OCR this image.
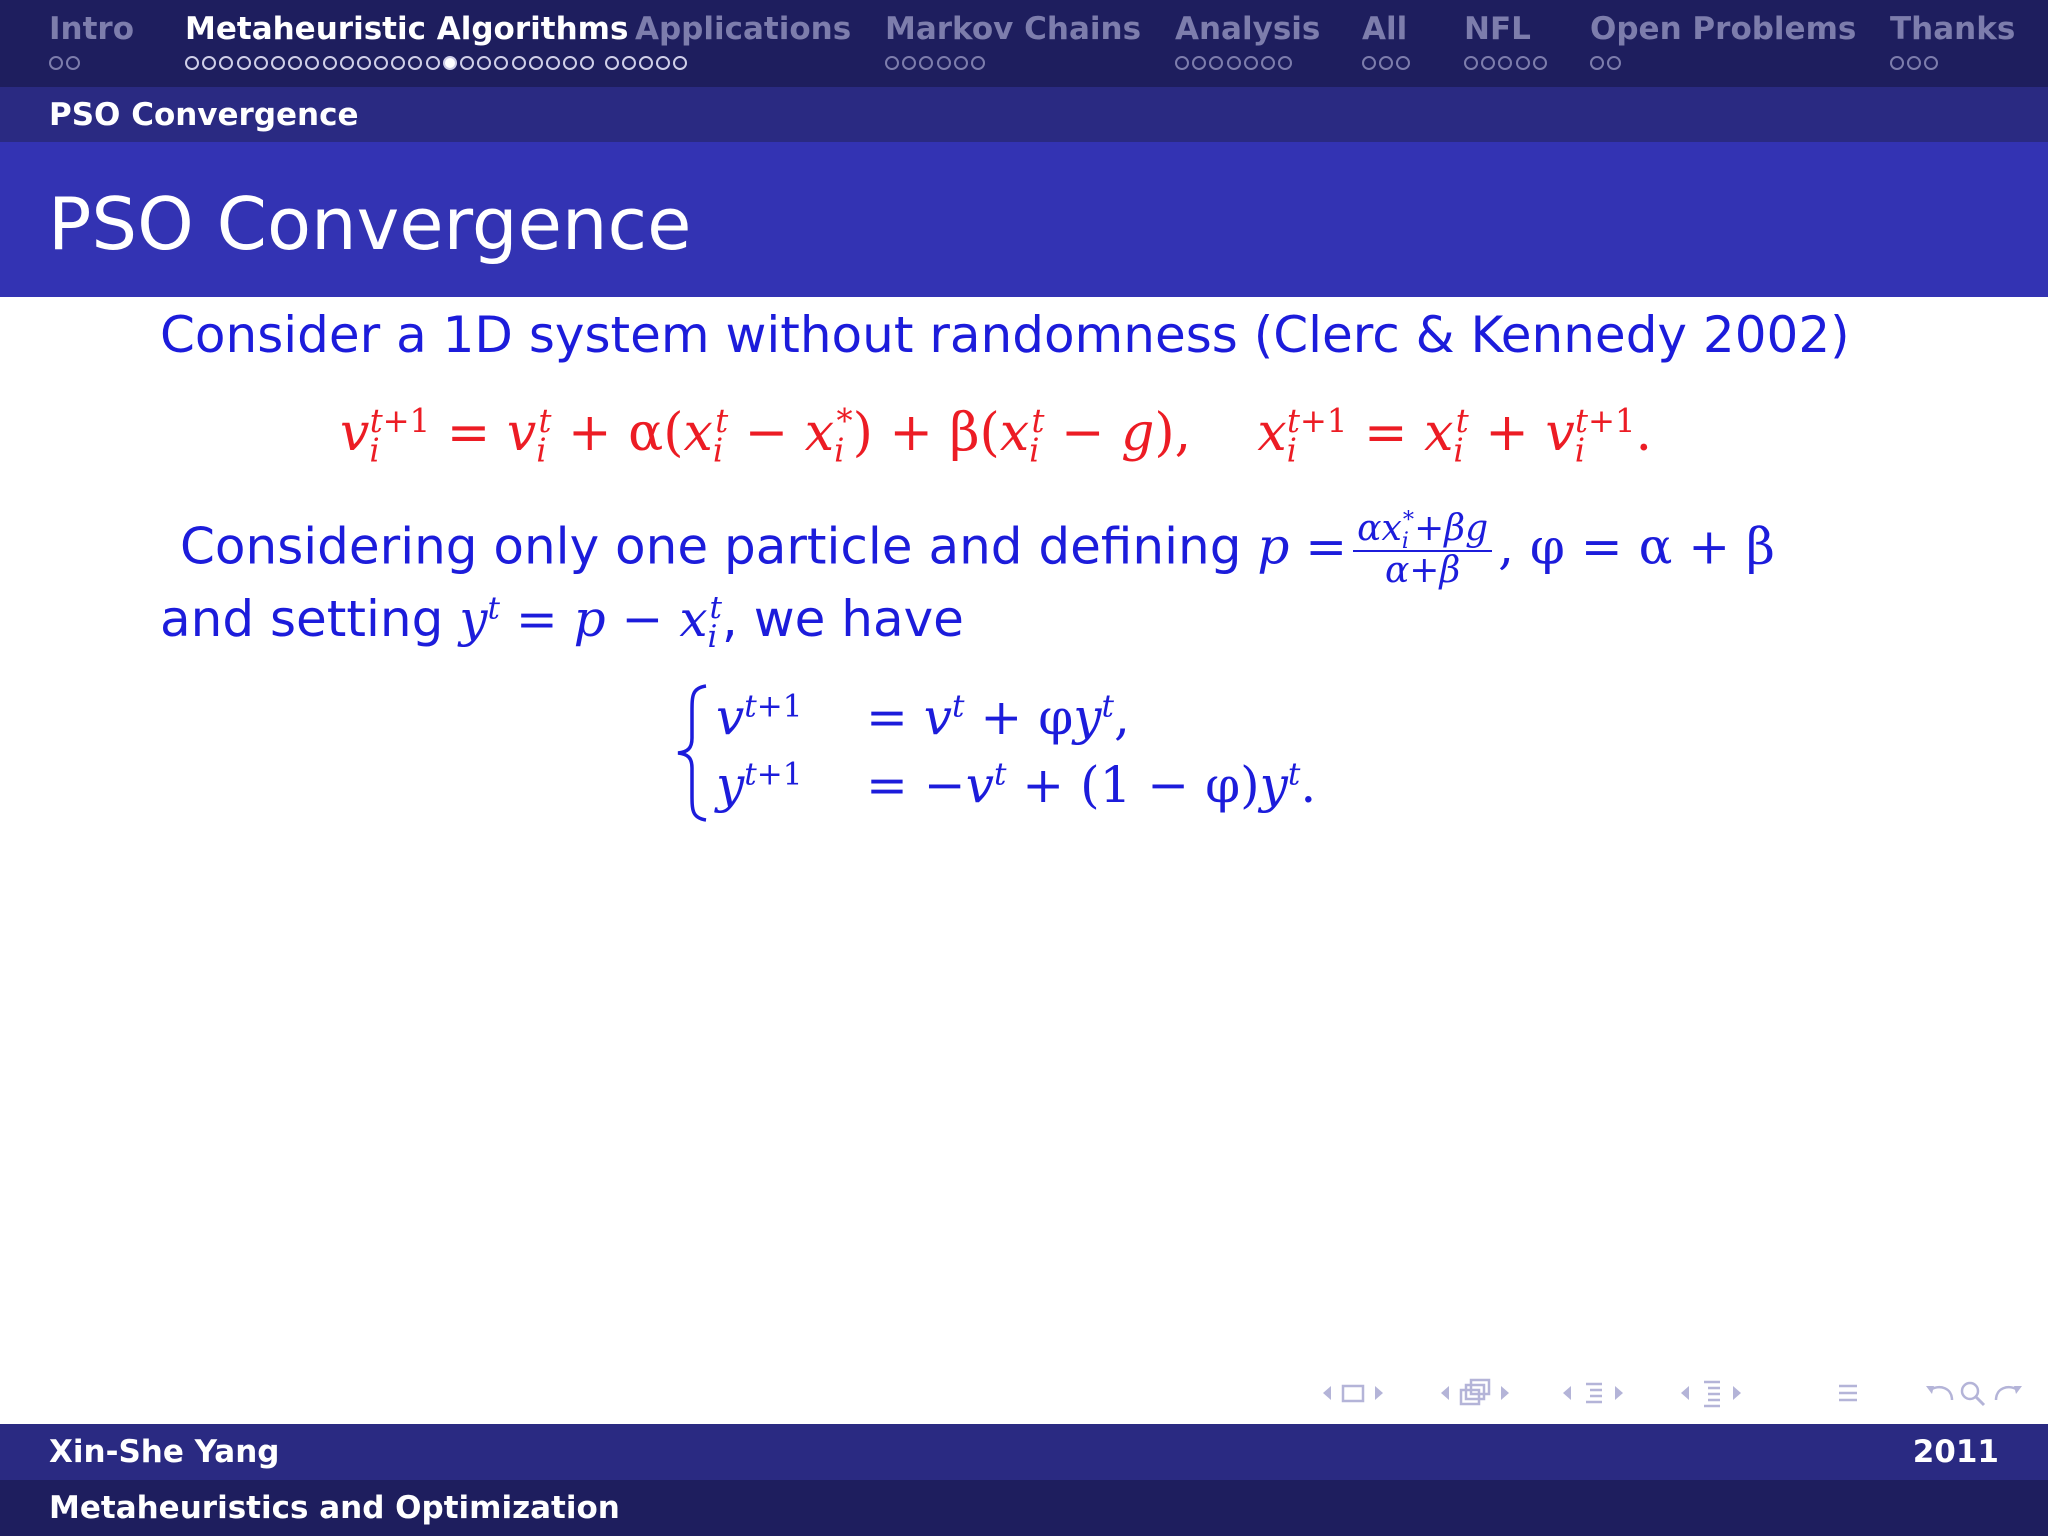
Intro Metaheuristic Algorithms Applications Markov Chains Analysis All NFL Open Problems Thanks
PSO Convergence
PSO Convergence
Consider a 1D system without randomness (Clerc & Kennedy 2002)
$v_i^{t+1} = v_i^t + \alpha(x_i^t - x_i^*) + \beta(x_i^t - g)$,    $x_i^{t+1} = x_i^t + v_i^{t+1}$.
Considering only one particle and defining $p = \frac{\alpha x_i^*+\beta g}{\alpha+\beta}$ , φ = α + β
and setting $y^t = p - x_i^t$, we have
$v^{t+1} = v^t + \varphi y^t$,
$y^{t+1} = -v^t + (1 - \varphi)y^t$.
Xin-She Yang	2011
Metaheuristics and Optimization
